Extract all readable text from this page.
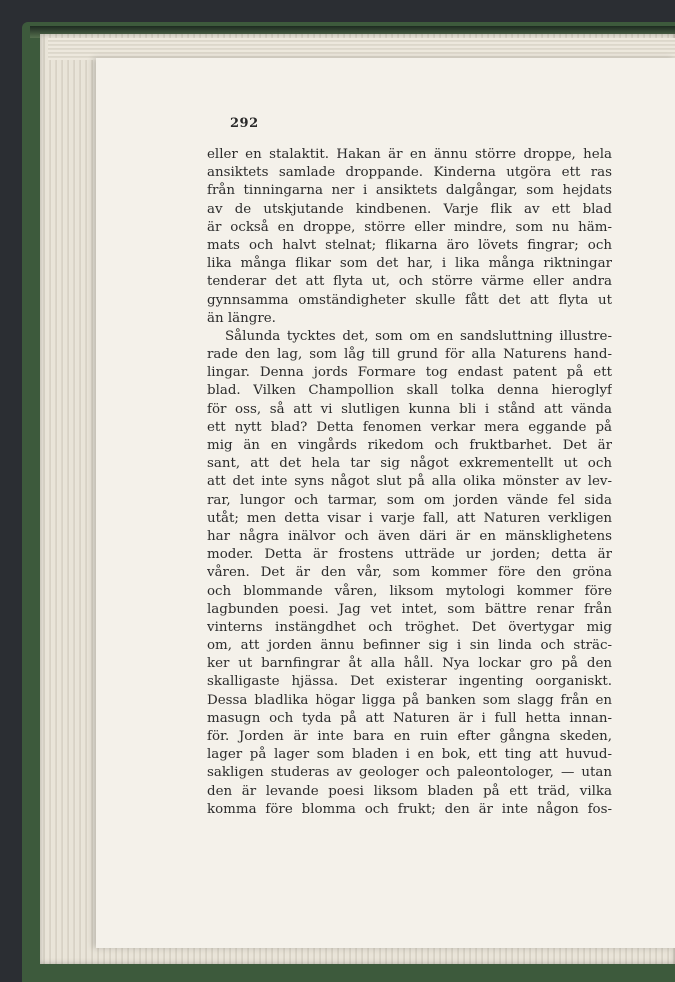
292
eller en stalaktit. Hakan är en ännu större droppe, hela
ansiktets samlade droppande. Kinderna utgöra ett ras
från tinningarna ner i ansiktets dalgångar, som hejdats
av de utskjutande kindbenen. Varje flik av ett blad
är också en droppe, större eller mindre, som nu häm-
mats och halvt stelnat; flikarna äro lövets fingrar; och
lika många flikar som det har, i lika många riktningar
tenderar det att flyta ut, och större värme eller andra
gynnsamma omständigheter skulle fått det att flyta ut
än längre.
Sålunda tycktes det, som om en sandsluttning illustre-
rade den lag, som låg till grund för alla Naturens hand-
lingar. Denna jords Formare tog endast patent på ett
blad. Vilken Champollion skall tolka denna hieroglyf
för oss, så att vi slutligen kunna bli i stånd att vända
ett nytt blad? Detta fenomen verkar mera eggande på
mig än en vingårds rikedom och fruktbarhet. Det är
sant, att det hela tar sig något exkrementellt ut och
att det inte syns något slut på alla olika mönster av lev-
rar, lungor och tarmar, som om jorden vände fel sida
utåt; men detta visar i varje fall, att Naturen verkligen
har några inälvor och även däri är en mänsklighetens
moder. Detta är frostens utträde ur jorden; detta är
våren. Det är den vår, som kommer före den gröna
och blommande våren, liksom mytologi kommer före
lagbunden poesi. Jag vet intet, som bättre renar från
vinterns instängdhet och tröghet. Det övertygar mig
om, att jorden ännu befinner sig i sin linda och sträc-
ker ut barnfingrar åt alla håll. Nya lockar gro på den
skalligaste hjässa. Det existerar ingenting oorganiskt.
Dessa bladlika högar ligga på banken som slagg från en
masugn och tyda på att Naturen är i full hetta innan-
för. Jorden är inte bara en ruin efter gångna skeden,
lager på lager som bladen i en bok, ett ting att huvud-
sakligen studeras av geologer och paleontologer, — utan
den är levande poesi liksom bladen på ett träd, vilka
komma före blomma och frukt; den är inte någon fos-
